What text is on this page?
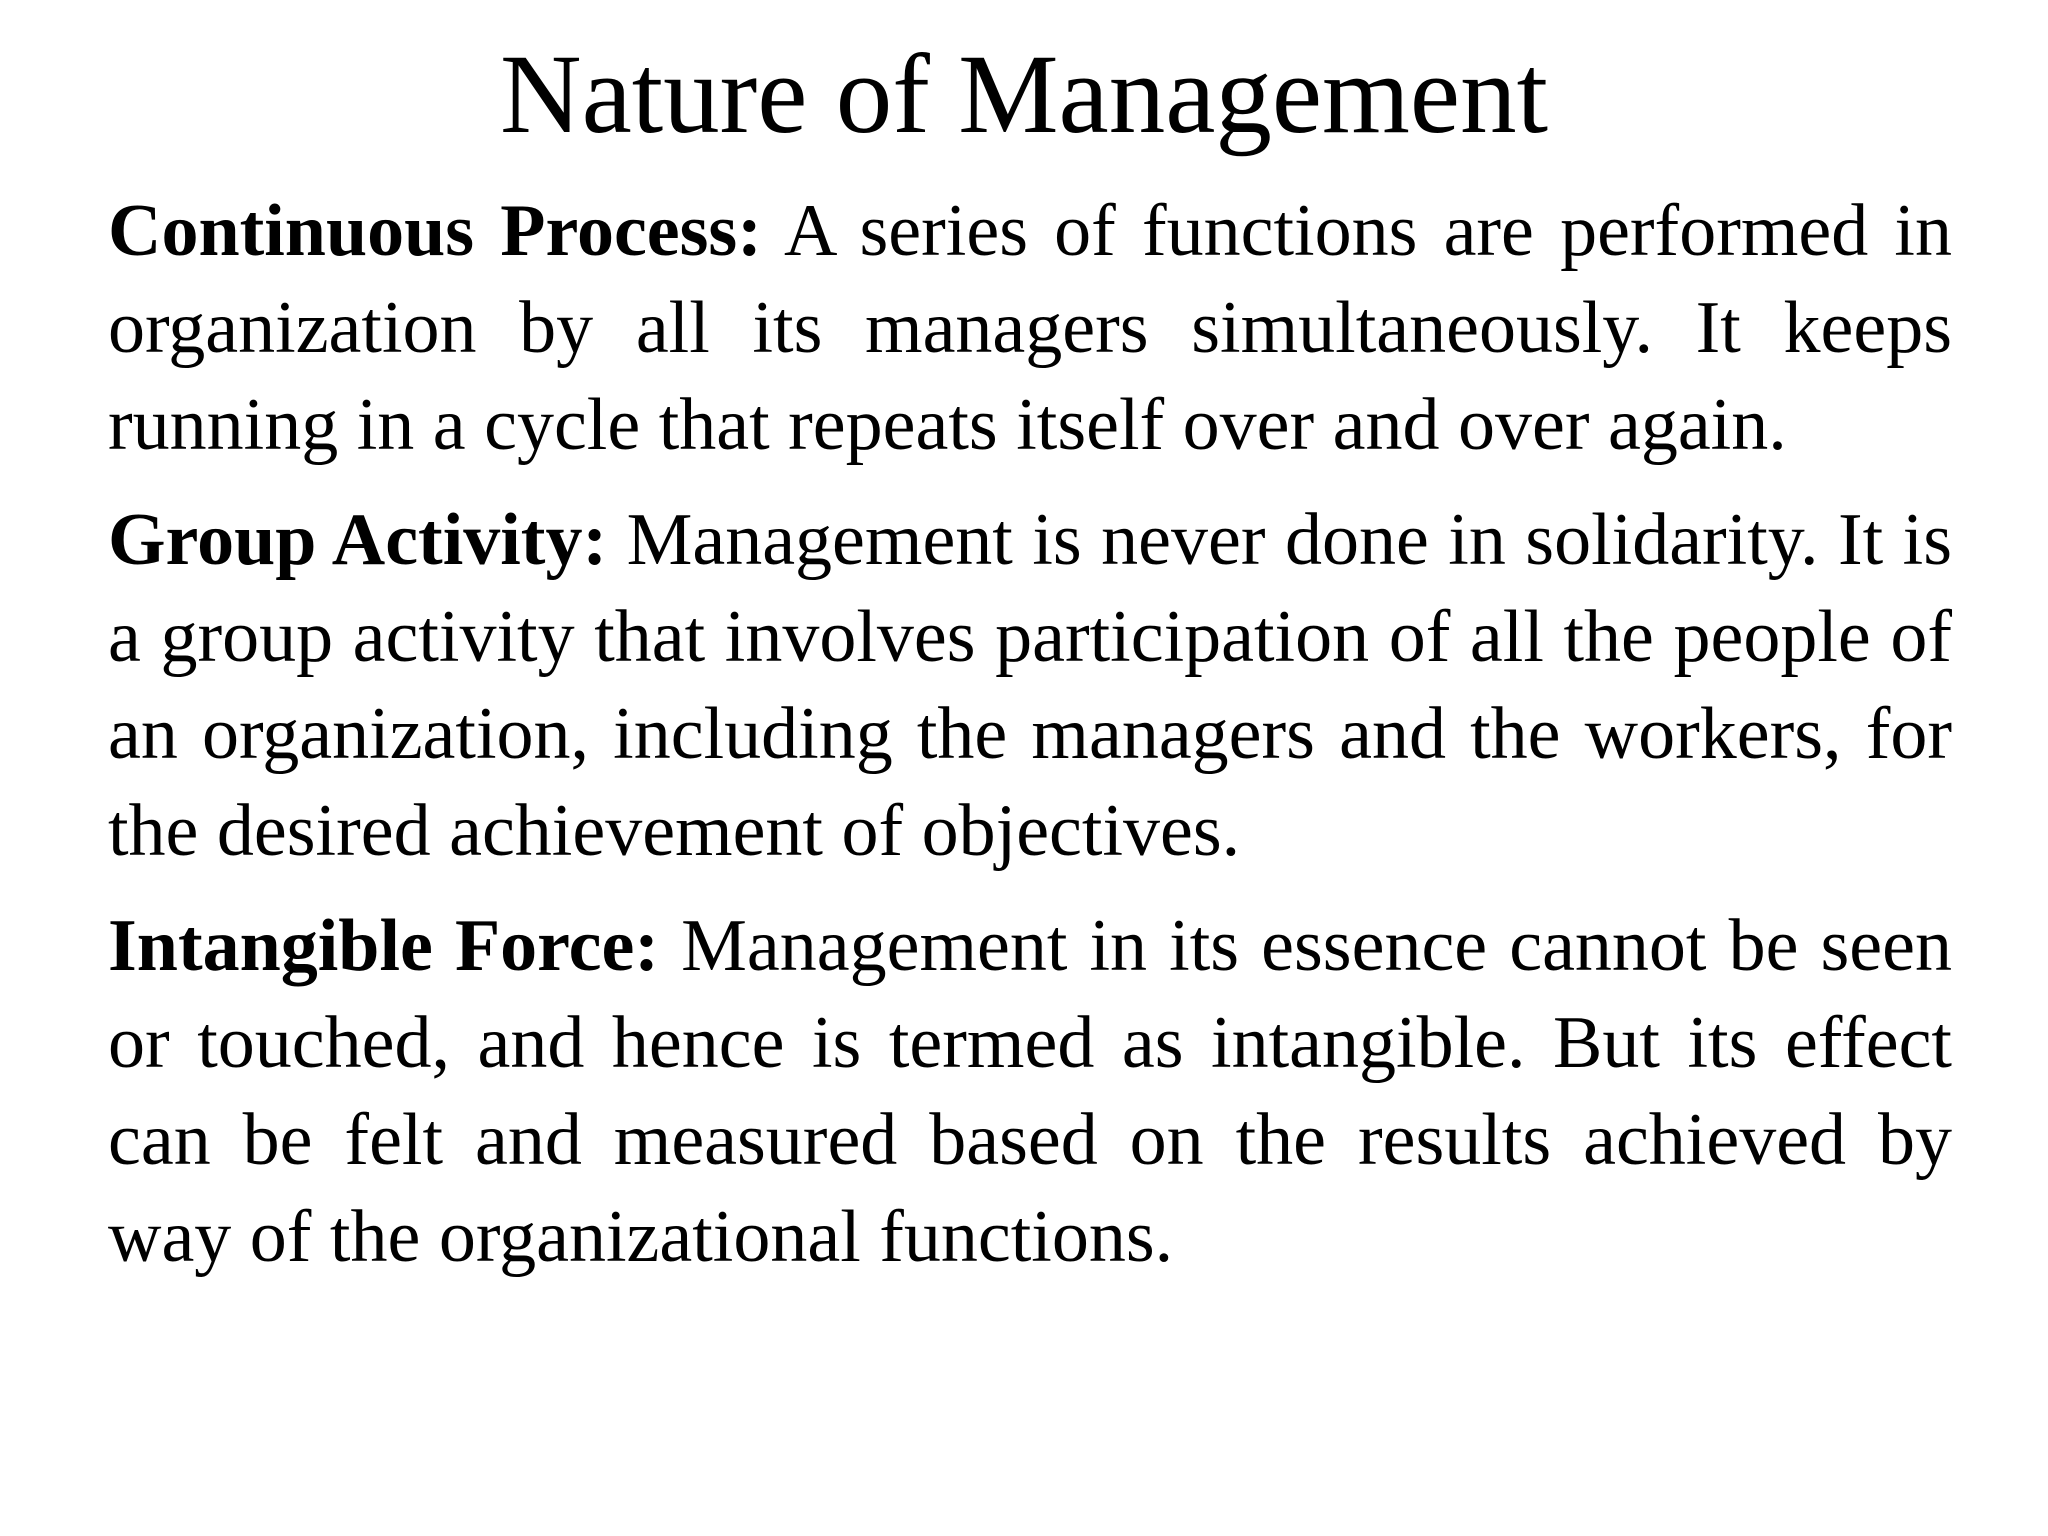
Nature of Management

Continuous Process: A series of functions are performed in organization by all its managers simultaneously. It keeps running in a cycle that repeats itself over and over again.

Group Activity: Management is never done in solidarity. It is a group activity that involves participation of all the people of an organization, including the managers and the workers, for the desired achievement of objectives.

Intangible Force: Management in its essence cannot be seen or touched, and hence is termed as intangible. But its effect can be felt and measured based on the results achieved by way of the organizational functions.
